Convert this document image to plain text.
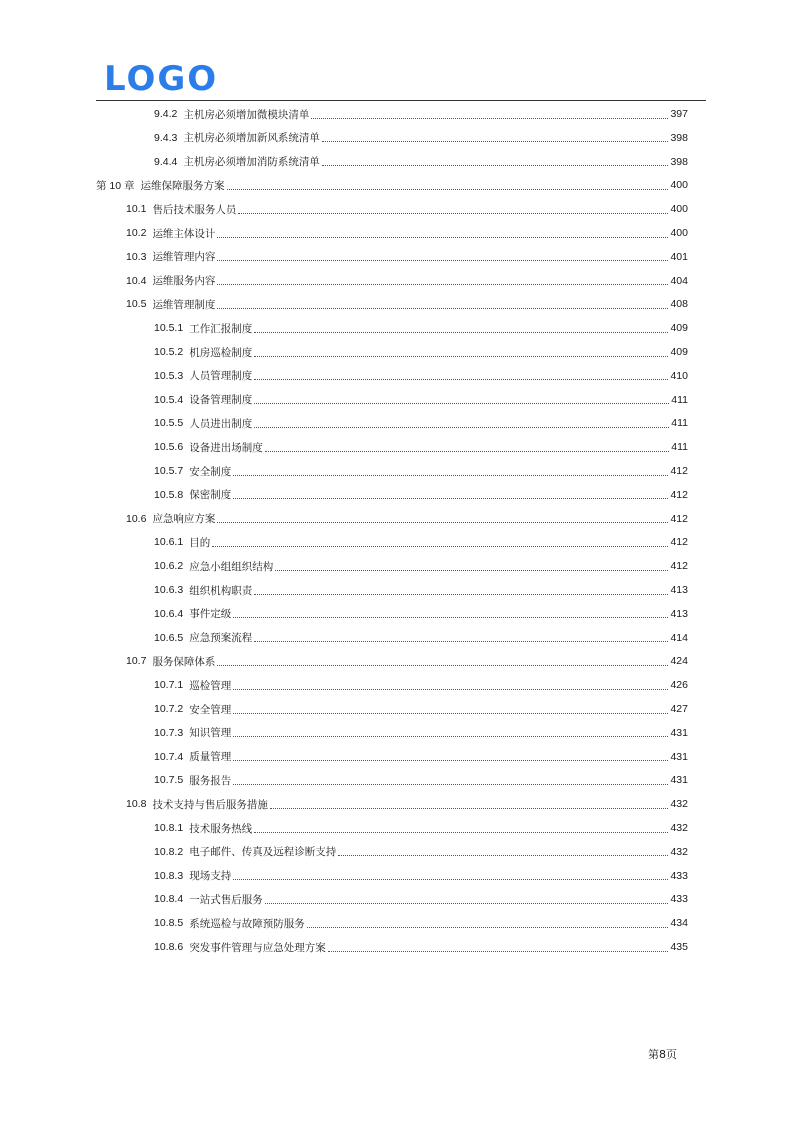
LOGO
9.4.2 主机房必须增加微模块清单	397
9.4.3 主机房必须增加新风系统清单	398
9.4.4 主机房必须增加消防系统清单	398
第 10 章 运维保障服务方案	400
10.1 售后技术服务人员	400
10.2 运维主体设计	400
10.3 运维管理内容	401
10.4 运维服务内容	404
10.5 运维管理制度	408
10.5.1 工作汇报制度	409
10.5.2 机房巡检制度	409
10.5.3 人员管理制度	410
10.5.4 设备管理制度	411
10.5.5 人员进出制度	411
10.5.6 设备进出场制度	411
10.5.7 安全制度	412
10.5.8 保密制度	412
10.6 应急响应方案	412
10.6.1 目的	412
10.6.2 应急小组组织结构	412
10.6.3 组织机构职责	413
10.6.4 事件定级	413
10.6.5 应急预案流程	414
10.7 服务保障体系	424
10.7.1 巡检管理	426
10.7.2 安全管理	427
10.7.3 知识管理	431
10.7.4 质量管理	431
10.7.5 服务报告	431
10.8 技术支持与售后服务措施	432
10.8.1 技术服务热线	432
10.8.2 电子邮件、传真及远程诊断支持	432
10.8.3 现场支持	433
10.8.4 一站式售后服务	433
10.8.5 系统巡检与故障预防服务	434
10.8.6 突发事件管理与应急处理方案	435
第8页
